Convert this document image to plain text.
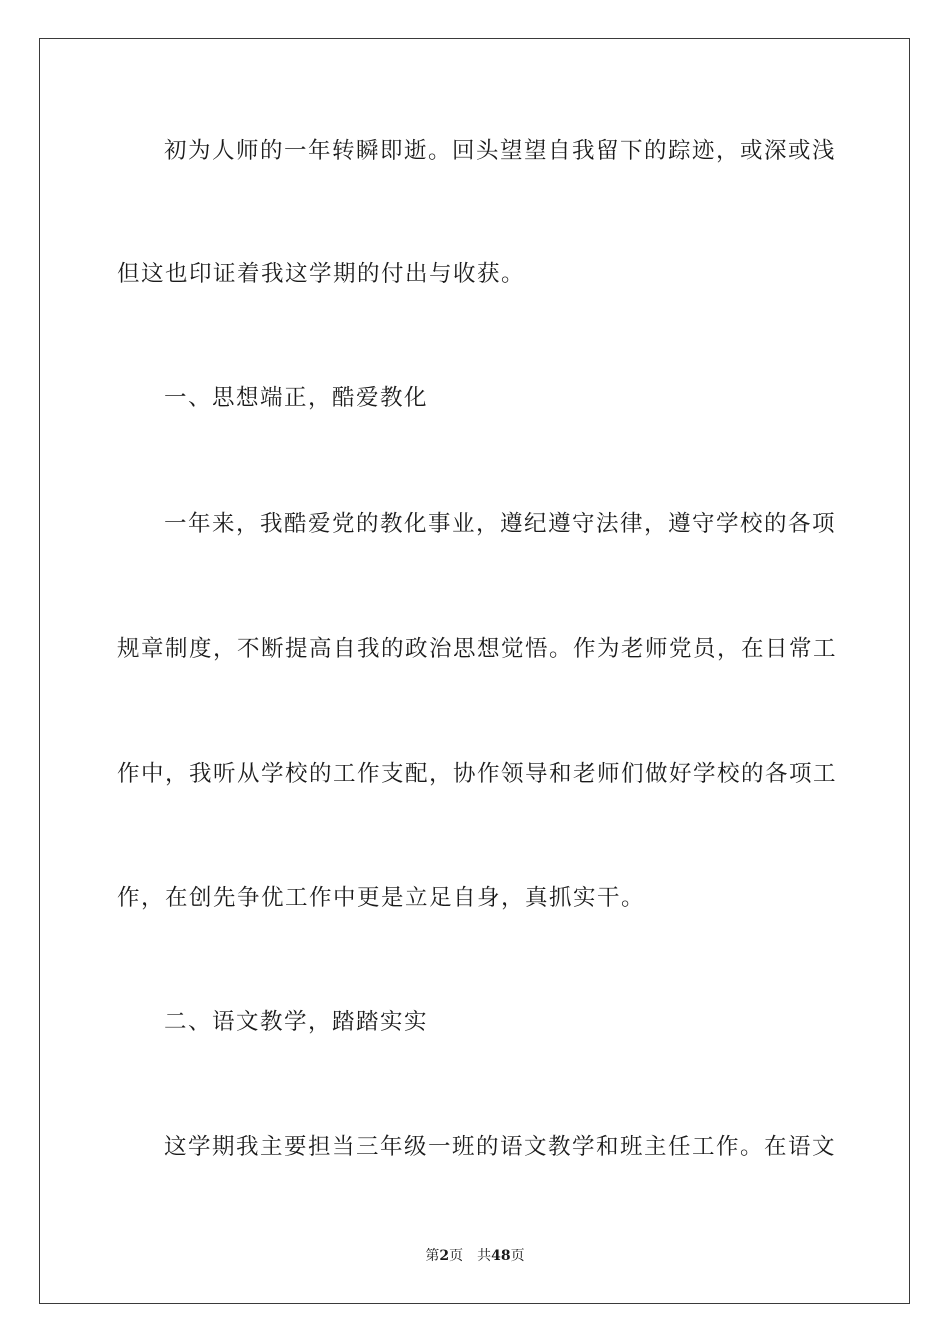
初为人师的一年转瞬即逝。回头望望自我留下的踪迹，或深或浅
但这也印证着我这学期的付出与收获。
一、思想端正，酷爱教化
一年来，我酷爱党的教化事业，遵纪遵守法律，遵守学校的各项
规章制度，不断提高自我的政治思想觉悟。作为老师党员，在日常工
作中，我听从学校的工作支配，协作领导和老师们做好学校的各项工
作，在创先争优工作中更是立足自身，真抓实干。
二、语文教学，踏踏实实
这学期我主要担当三年级一班的语文教学和班主任工作。在语文
第2页 共48页
